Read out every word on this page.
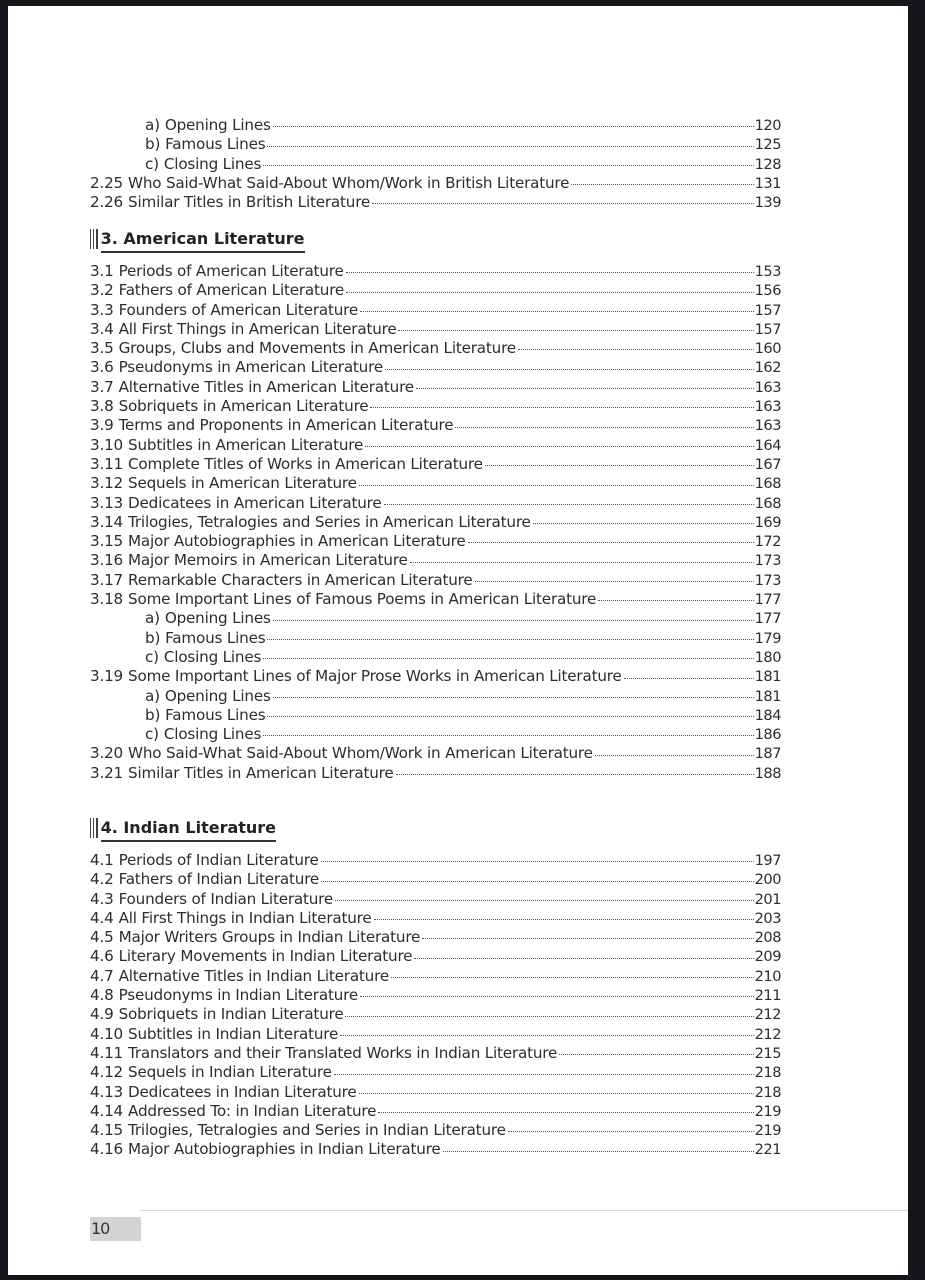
a) Opening Lines	120
b) Famous Lines	125
c) Closing Lines	128
2.25 Who Said-What Said-About Whom/Work in British Literature	131
2.26 Similar Titles in British Literature	139
3. American Literature
3.1 Periods of American Literature	153
3.2 Fathers of American Literature	156
3.3 Founders of American Literature	157
3.4 All First Things in American Literature	157
3.5 Groups, Clubs and Movements in American Literature	160
3.6 Pseudonyms in American Literature	162
3.7 Alternative Titles in American Literature	163
3.8 Sobriquets in American Literature	163
3.9 Terms and Proponents in American Literature	163
3.10 Subtitles in American Literature	164
3.11 Complete Titles of Works in American Literature	167
3.12 Sequels in American Literature	168
3.13 Dedicatees in American Literature	168
3.14 Trilogies, Tetralogies and Series in American Literature	169
3.15 Major Autobiographies in American Literature	172
3.16 Major Memoirs in American Literature	173
3.17 Remarkable Characters in American Literature	173
3.18 Some Important Lines of Famous Poems in American Literature	177
a) Opening Lines	177
b) Famous Lines	179
c) Closing Lines	180
3.19 Some Important Lines of Major Prose Works in American Literature	181
a) Opening Lines	181
b) Famous Lines	184
c) Closing Lines	186
3.20 Who Said-What Said-About Whom/Work in American Literature	187
3.21 Similar Titles in American Literature	188
4. Indian Literature
4.1 Periods of Indian Literature	197
4.2 Fathers of Indian Literature	200
4.3 Founders of Indian Literature	201
4.4 All First Things in Indian Literature	203
4.5 Major Writers Groups in Indian Literature	208
4.6 Literary Movements in Indian Literature	209
4.7 Alternative Titles in Indian Literature	210
4.8 Pseudonyms in Indian Literature	211
4.9 Sobriquets in Indian Literature	212
4.10 Subtitles in Indian Literature	212
4.11 Translators and their Translated Works in Indian Literature	215
4.12 Sequels in Indian Literature	218
4.13 Dedicatees in Indian Literature	218
4.14 Addressed To: in Indian Literature	219
4.15 Trilogies, Tetralogies and Series in Indian Literature	219
4.16 Major Autobiographies in Indian Literature	221
10
